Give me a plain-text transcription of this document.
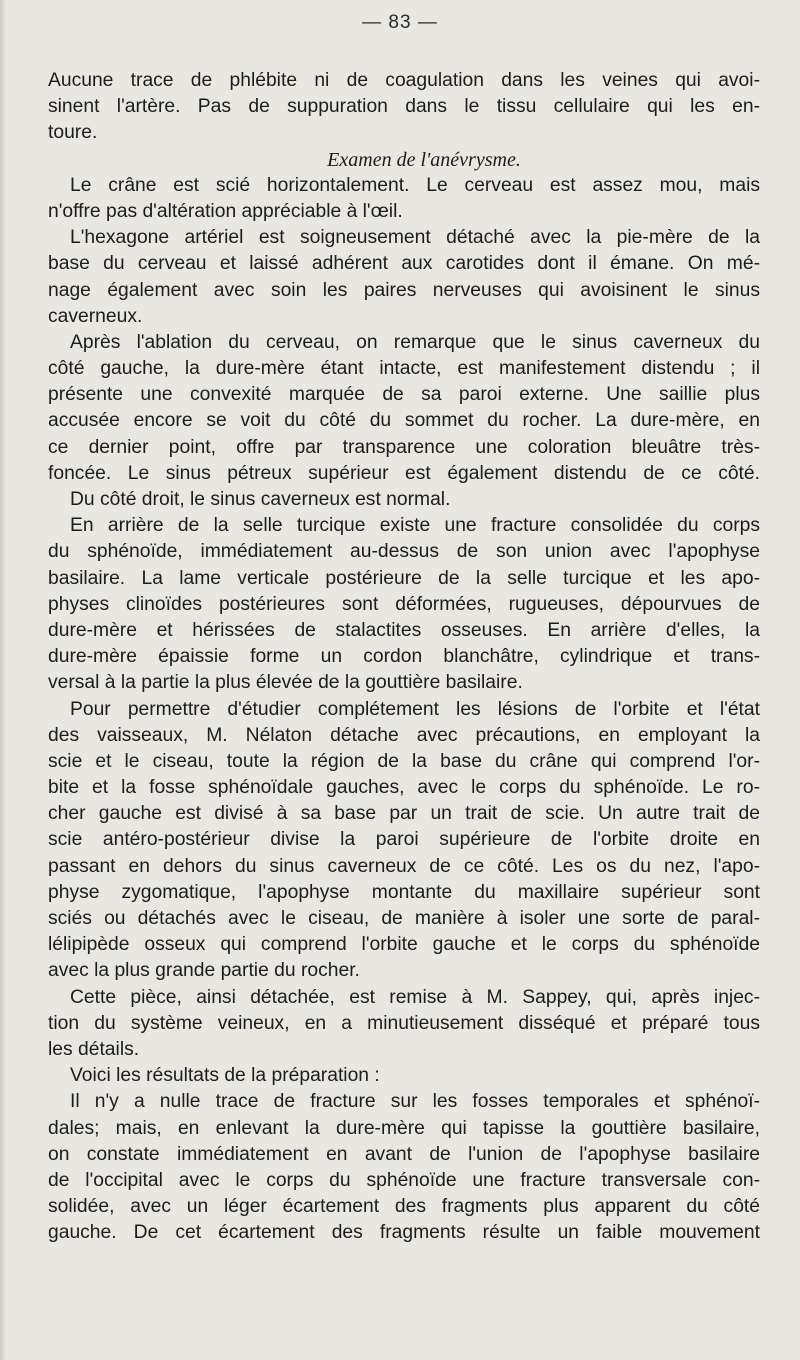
— 83 —
Aucune trace de phlébite ni de coagulation dans les veines qui avoi-
sinent l'artère. Pas de suppuration dans le tissu cellulaire qui les en-
toure.
Examen de l'anévrysme.
Le crâne est scié horizontalement. Le cerveau est assez mou, mais
n'offre pas d'altération appréciable à l'œil.
L'hexagone artériel est soigneusement détaché avec la pie-mère de la
base du cerveau et laissé adhérent aux carotides dont il émane. On mé-
nage également avec soin les paires nerveuses qui avoisinent le sinus
caverneux.
Après l'ablation du cerveau, on remarque que le sinus caverneux du
côté gauche, la dure-mère étant intacte, est manifestement distendu ; il
présente une convexité marquée de sa paroi externe. Une saillie plus
accusée encore se voit du côté du sommet du rocher. La dure-mère, en
ce dernier point, offre par transparence une coloration bleuâtre très-
foncée. Le sinus pétreux supérieur est également distendu de ce côté.
Du côté droit, le sinus caverneux est normal.
En arrière de la selle turcique existe une fracture consolidée du corps
du sphénoïde, immédiatement au-dessus de son union avec l'apophyse
basilaire. La lame verticale postérieure de la selle turcique et les apo-
physes clinoïdes postérieures sont déformées, rugueuses, dépourvues de
dure-mère et hérissées de stalactites osseuses. En arrière d'elles, la
dure-mère épaissie forme un cordon blanchâtre, cylindrique et trans-
versal à la partie la plus élevée de la gouttière basilaire.
Pour permettre d'étudier complétement les lésions de l'orbite et l'état
des vaisseaux, M. Nélaton détache avec précautions, en employant la
scie et le ciseau, toute la région de la base du crâne qui comprend l'or-
bite et la fosse sphénoïdale gauches, avec le corps du sphénoïde. Le ro-
cher gauche est divisé à sa base par un trait de scie. Un autre trait de
scie antéro-postérieur divise la paroi supérieure de l'orbite droite en
passant en dehors du sinus caverneux de ce côté. Les os du nez, l'apo-
physe zygomatique, l'apophyse montante du maxillaire supérieur sont
sciés ou détachés avec le ciseau, de manière à isoler une sorte de paral-
lélipipède osseux qui comprend l'orbite gauche et le corps du sphénoïde
avec la plus grande partie du rocher.
Cette pièce, ainsi détachée, est remise à M. Sappey, qui, après injec-
tion du système veineux, en a minutieusement disséqué et préparé tous
les détails.
Voici les résultats de la préparation :
Il n'y a nulle trace de fracture sur les fosses temporales et sphénoï-
dales; mais, en enlevant la dure-mère qui tapisse la gouttière basilaire,
on constate immédiatement en avant de l'union de l'apophyse basilaire
de l'occipital avec le corps du sphénoïde une fracture transversale con-
solidée, avec un léger écartement des fragments plus apparent du côté
gauche. De cet écartement des fragments résulte un faible mouvement
